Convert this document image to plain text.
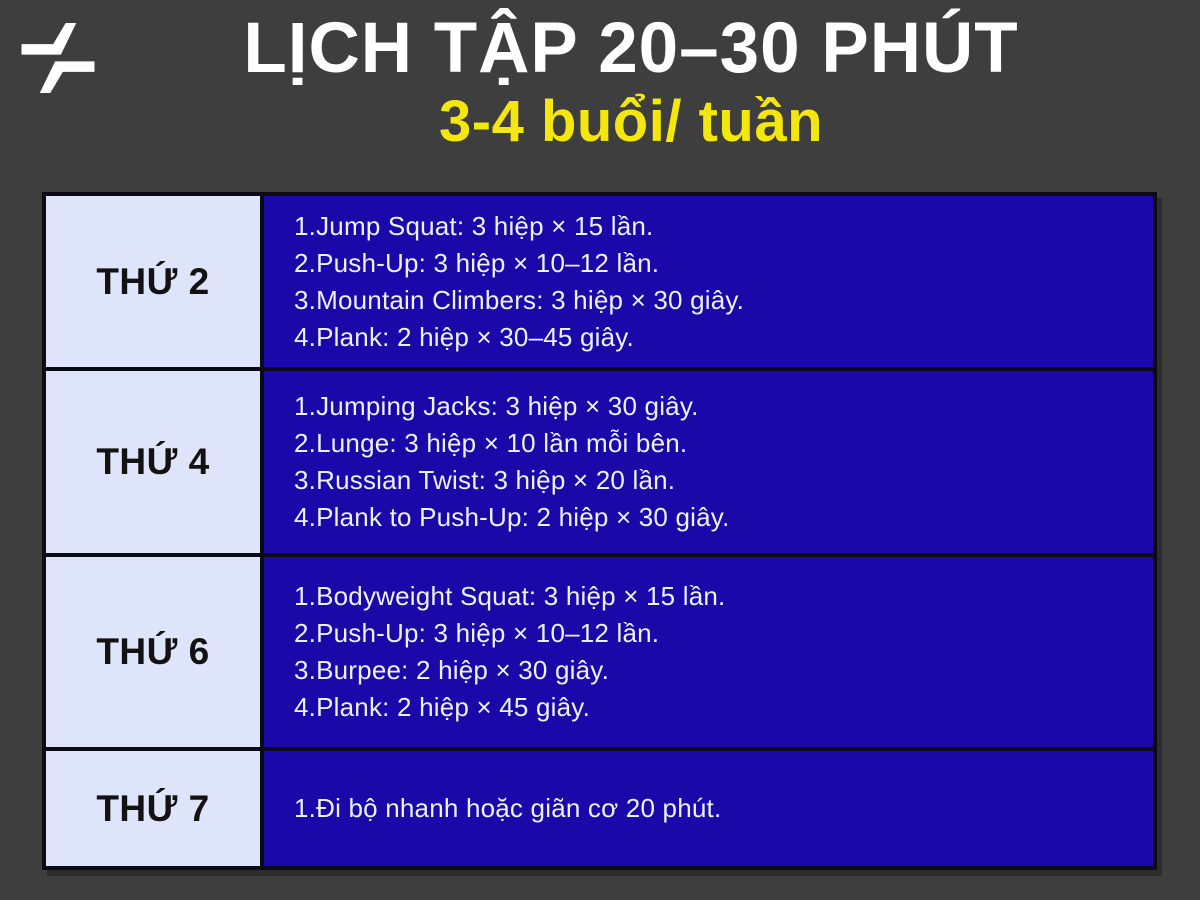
LỊCH TẬP 20–30 PHÚT
3-4 buổi/ tuần
THỨ 2
Jump Squat: 3 hiệp × 15 lần.
Push-Up: 3 hiệp × 10–12 lần.
Mountain Climbers: 3 hiệp × 30 giây.
Plank: 2 hiệp × 30–45 giây.
THỨ 4
Jumping Jacks: 3 hiệp × 30 giây.
Lunge: 3 hiệp × 10 lần mỗi bên.
Russian Twist: 3 hiệp × 20 lần.
Plank to Push-Up: 2 hiệp × 30 giây.
THỨ 6
Bodyweight Squat: 3 hiệp × 15 lần.
Push-Up: 3 hiệp × 10–12 lần.
Burpee: 2 hiệp × 30 giây.
Plank: 2 hiệp × 45 giây.
THỨ 7	Đi bộ nhanh hoặc giãn cơ 20 phút.
